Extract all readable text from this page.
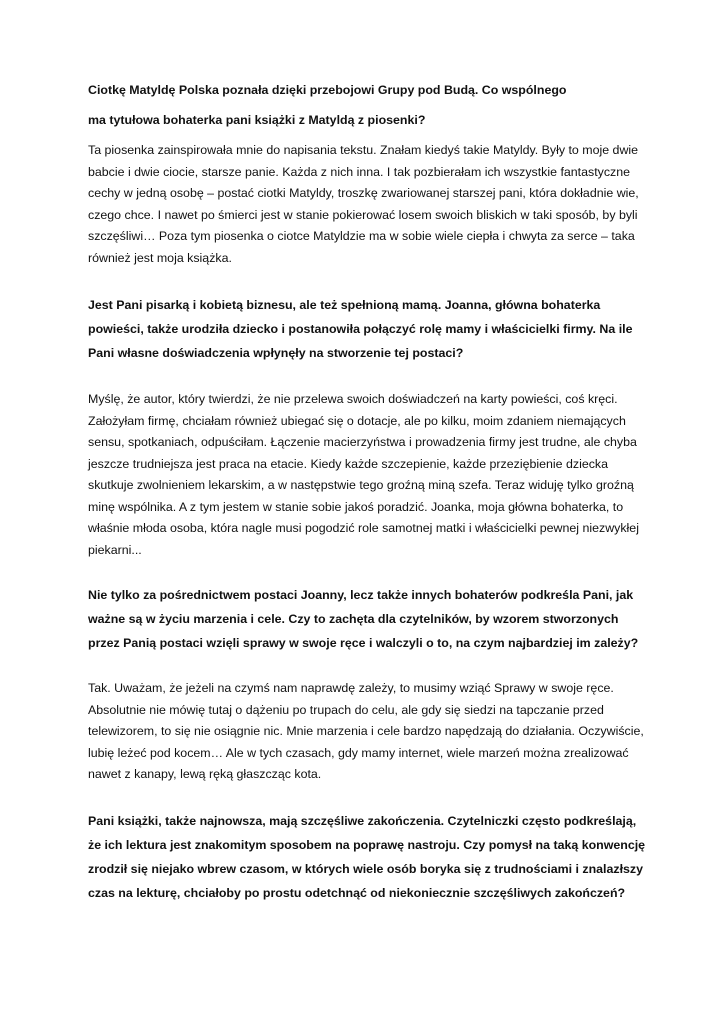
Ciotkę Matyldę Polska poznała dzięki przebojowi Grupy pod Budą. Co wspólnego

ma tytułowa bohaterka pani książki z Matyldą z piosenki?

Ta piosenka zainspirowała mnie do napisania tekstu. Znałam kiedyś takie Matyldy. Były to moje dwie babcie i dwie ciocie, starsze panie. Każda z nich inna. I tak pozbierałam ich wszystkie fantastyczne cechy w jedną osobę – postać ciotki Matyldy, troszkę zwariowanej starszej pani, która dokładnie wie, czego chce. I nawet po śmierci jest w stanie pokierować losem swoich bliskich w taki sposób, by byli szczęśliwi… Poza tym piosenka o ciotce Matyldzie ma w sobie wiele ciepła i chwyta za serce – taka również jest moja książka.

Jest Pani pisarką i kobietą biznesu, ale też spełnioną mamą. Joanna, główna bohaterka powieści, także urodziła dziecko i postanowiła połączyć rolę mamy i właścicielki firmy. Na ile Pani własne doświadczenia wpłynęły na stworzenie tej postaci?

Myślę, że autor, który twierdzi, że nie przelewa swoich doświadczeń na karty powieści, coś kręci. Założyłam firmę, chciałam również ubiegać się o dotacje, ale po kilku, moim zdaniem niemających sensu, spotkaniach, odpuściłam. Łączenie macierzyństwa i prowadzenia firmy jest trudne, ale chyba jeszcze trudniejsza jest praca na etacie. Kiedy każde szczepienie, każde przeziębienie dziecka skutkuje zwolnieniem lekarskim, a w następstwie tego groźną miną szefa. Teraz widuję tylko groźną minę wspólnika. A z tym jestem w stanie sobie jakoś poradzić. Joanka, moja główna bohaterka, to właśnie młoda osoba, która nagle musi pogodzić role samotnej matki i właścicielki pewnej niezwykłej piekarni...

Nie tylko za pośrednictwem postaci Joanny, lecz także innych bohaterów podkreśla Pani, jak ważne są w życiu marzenia i cele. Czy to zachęta dla czytelników, by wzorem stworzonych przez Panią postaci wzięli sprawy w swoje ręce i walczyli o to, na czym najbardziej im zależy?

Tak. Uważam, że jeżeli na czymś nam naprawdę zależy, to musimy wziąć Sprawy w swoje ręce. Absolutnie nie mówię tutaj o dążeniu po trupach do celu, ale gdy się siedzi na tapczanie przed telewizorem, to się nie osiągnie nic. Mnie marzenia i cele bardzo napędzają do działania. Oczywiście, lubię leżeć pod kocem… Ale w tych czasach, gdy mamy internet, wiele marzeń można zrealizować nawet z kanapy, lewą ręką głaszcząc kota.

Pani książki, także najnowsza, mają szczęśliwe zakończenia. Czytelniczki często podkreślają, że ich lektura jest znakomitym sposobem na poprawę nastroju. Czy pomysł na taką konwencję zrodził się niejako wbrew czasom, w których wiele osób boryka się z trudnościami i znalazłszy czas na lekturę, chciałoby po prostu odetchnąć od niekoniecznie szczęśliwych zakończeń?
